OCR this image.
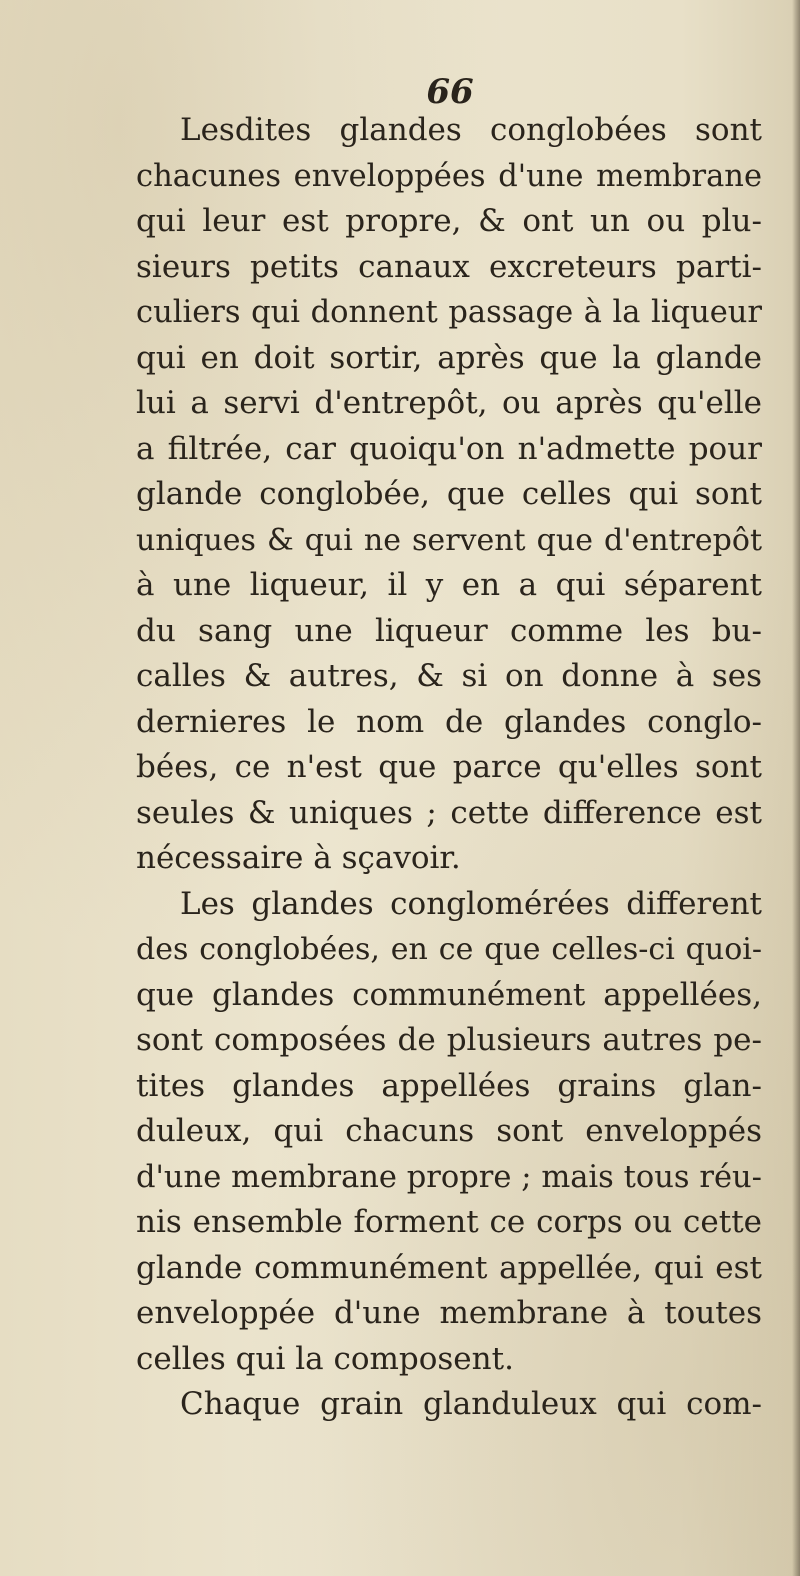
66
Lesdites glandes conglobées sont
chacunes enveloppées d'une membrane
qui leur est propre, & ont un ou plu-
sieurs petits canaux excreteurs parti-
culiers qui donnent passage à la liqueur
qui en doit sortir, après que la glande
lui a servi d'entrepôt, ou après qu'elle
a filtrée, car quoiqu'on n'admette pour
glande conglobée, que celles qui sont
uniques & qui ne servent que d'entrepôt
à une liqueur, il y en a qui séparent
du sang une liqueur comme les bu-
calles & autres, & si on donne à ses
dernieres le nom de glandes conglo-
bées, ce n'est que parce qu'elles sont
seules & uniques ; cette difference est
nécessaire à sçavoir.
Les glandes conglomérées different
des conglobées, en ce que celles-ci quoi-
que glandes communément appellées,
sont composées de plusieurs autres pe-
tites glandes appellées grains glan-
duleux, qui chacuns sont enveloppés
d'une membrane propre ; mais tous réu-
nis ensemble forment ce corps ou cette
glande communément appellée, qui est
enveloppée d'une membrane à toutes
celles qui la composent.
Chaque grain glanduleux qui com-
